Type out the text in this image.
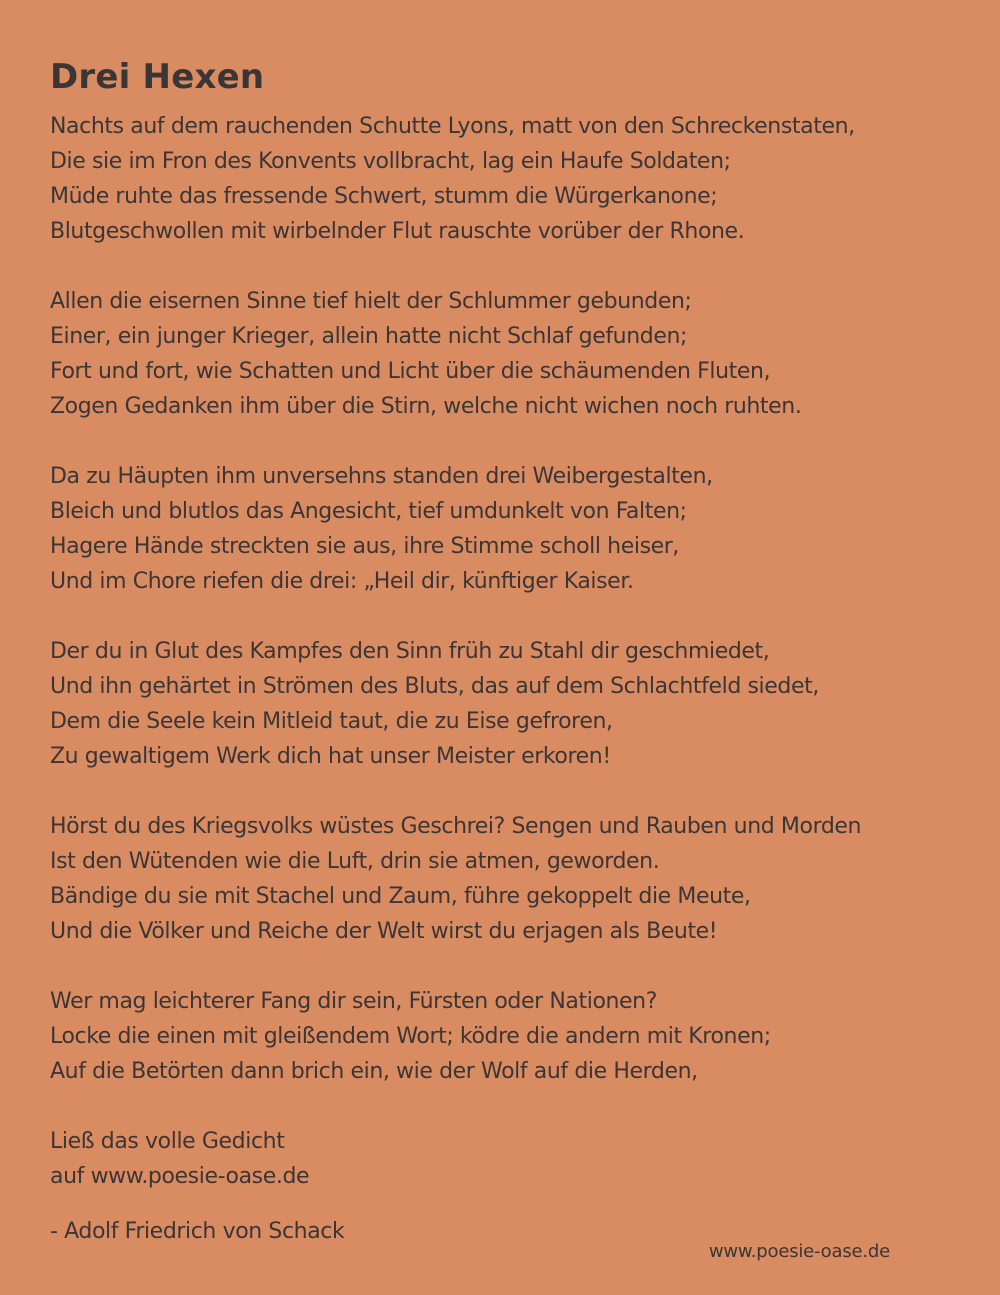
Drei Hexen
Nachts auf dem rauchenden Schutte Lyons, matt von den Schreckenstaten,
Die sie im Fron des Konvents vollbracht, lag ein Haufe Soldaten;
Müde ruhte das fressende Schwert, stumm die Würgerkanone;
Blutgeschwollen mit wirbelnder Flut rauschte vorüber der Rhone.
Allen die eisernen Sinne tief hielt der Schlummer gebunden;
Einer, ein junger Krieger, allein hatte nicht Schlaf gefunden;
Fort und fort, wie Schatten und Licht über die schäumenden Fluten,
Zogen Gedanken ihm über die Stirn, welche nicht wichen noch ruhten.
Da zu Häupten ihm unversehns standen drei Weibergestalten,
Bleich und blutlos das Angesicht, tief umdunkelt von Falten;
Hagere Hände streckten sie aus, ihre Stimme scholl heiser,
Und im Chore riefen die drei: „Heil dir, künftiger Kaiser.
Der du in Glut des Kampfes den Sinn früh zu Stahl dir geschmiedet,
Und ihn gehärtet in Strömen des Bluts, das auf dem Schlachtfeld siedet,
Dem die Seele kein Mitleid taut, die zu Eise gefroren,
Zu gewaltigem Werk dich hat unser Meister erkoren!
Hörst du des Kriegsvolks wüstes Geschrei? Sengen und Rauben und Morden
Ist den Wütenden wie die Luft, drin sie atmen, geworden.
Bändige du sie mit Stachel und Zaum, führe gekoppelt die Meute,
Und die Völker und Reiche der Welt wirst du erjagen als Beute!
Wer mag leichterer Fang dir sein, Fürsten oder Nationen?
Locke die einen mit gleißendem Wort; ködre die andern mit Kronen;
Auf die Betörten dann brich ein, wie der Wolf auf die Herden,
Ließ das volle Gedicht
auf www.poesie-oase.de
- Adolf Friedrich von Schack
www.poesie-oase.de
